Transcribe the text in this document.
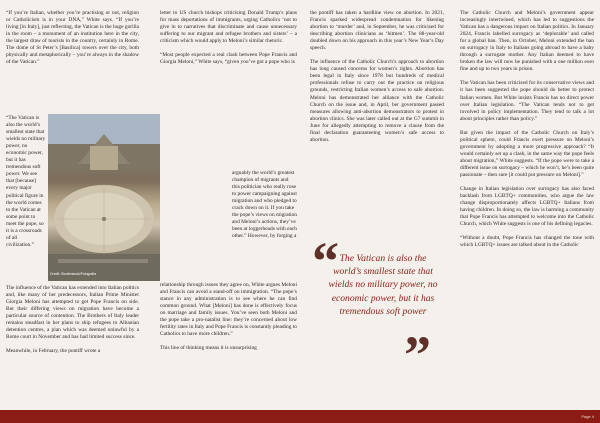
“If you’re Italian, whether you’re practising or not, religion or Catholicism is in your DNA,” White says. “If you’re living [in Italy], just reflecting, the Vatican is the huge gorilla in the room – a monument of an institution here in the city, the largest draw of tourists in the country, certainly in Rome. The dome of St Peter’s [Basilica] towers over the city, both physically and metaphorically – you’re always in the shadow of the Vatican.”

“The Vatican is also the world’s smallest state that wields no military power, no economic power, but it has tremendous soft power. We see that [because] every major political figure in the world comes to the Vatican at some point to meet the pope, so it is a crossroads of all civilization.”

The influence of the Vatican has extended into Italian politics and, like many of her predecessors, Italian Prime Minister Giorgia Meloni has attempted to get Pope Francis on side. But their differing views on migration have become a particular source of contention. The Brothers of Italy leader remains steadfast in her plans to ship refugees to Albanian detention centres, a plan which was deemed unlawful by a Rome court in November and has had limited success since.

Meanwhile, in February, the pontiff wrote a

Credit: Shutterstock/Fotografia

letter to US church bishops criticising Donald Trump’s plans for mass deportations of immigrants, urging Catholics ‘not to give in to narratives that discriminate and cause unnecessary suffering to our migrant and refugee brothers and sisters’ – a criticism which would apply to Meloni’s similar rhetoric.

“Most people expected a real clash between Pope Francis and Giorgia Meloni,” White says, “given you’ve got a pope who is

arguably the world’s greatest champion of migrants and this politician who really rose to power campaigning against migration and who pledged to crack down on it. If you take the pope’s views on migration and Meloni’s actions, they’ve been at loggerheads with each other.” However, by forging a

relationship through issues they agree on, White argues Meloni and Francis can avoid a stand-off on immigration. “The pope’s stance in any administration is to see where he can find common ground. What [Meloni] has done is effectively focus on marriage and family issues. You’ve seen both Meloni and the pope take a pro-natalist line: they’re concerned about low fertility rates in Italy and Pope Francis is constantly pleading to Catholics to have more children.”

This line of thinking means it is unsurprising

the pontiff has taken a hardline view on abortion. In 2021, Francis sparked widespread condemnation for likening abortion to ‘murder’ and, in September, he was criticised for describing abortion clinicians as ‘hitmen’. The 88-year-old doubled down on his approach in this year’s New Year’s Day speech.

The influence of the Catholic Church’s approach to abortion has long caused concerns for women’s rights. Abortion has been legal in Italy since 1978 but hundreds of medical professionals refuse to carry out the practice on religious grounds, restricting Italian women’s access to safe abortion. Meloni has demonstrated her alliance with the Catholic Church on the issue and, in April, her government passed measures allowing anti-abortion demonstrators to protest in abortion clinics. She was later called out at the G7 summit in June for allegedly attempting to remove a clause from the final declaration guaranteeing women’s safe access to abortion.

“ The Vatican is also the world’s smallest state that wields no military power, no economic power, but it has tremendous soft power
”

The Catholic Church and Meloni’s government appear increasingly intertwined, which has led to suggestions the Vatican has a dangerous impact on Italian politics. In January 2024, Francis labelled surrogacy as ‘deplorable’ and called for a global ban. Then, in October, Meloni extended the ban on surrogacy in Italy to Italians going abroad to have a baby through a surrogate mother. Any Italian deemed to have broken the law will now be punished with a one million euro fine and up to two years in prison.

The Vatican has been criticised for its conservative views and it has been suggested the pope should do better to protect Italian women. But White insists Francis has no direct power over Italian legislation. “The Vatican tends not to get involved in policy implementation. They tend to talk a lot about principles rather than policy.”

But given the impact of the Catholic Church on Italy’s political sphere, could Francis exert pressure on Meloni’s government by adopting a more progressive approach? “It would certainly set up a clash, in the same way the pope feels about migration,” White suggests. “If the pope were to take a different issue on surrogacy – which he won’t, he’s been quite passionate – then sure [it could put pressure on Meloni].”

Change in Italian legislation over surrogacy has also faced backlash from LGBTQ+ communities, who argue the law change disproportionately affects LGBTQ+ Italians from having children. In doing so, the law is harming a community that Pope Francis has attempted to welcome into the Catholic Church, which White suggests is one of his defining legacies.

“Without a doubt, Pope Francis has changed the tone with which LGBTQ+ issues are talked about in the Catholic

Page 4
